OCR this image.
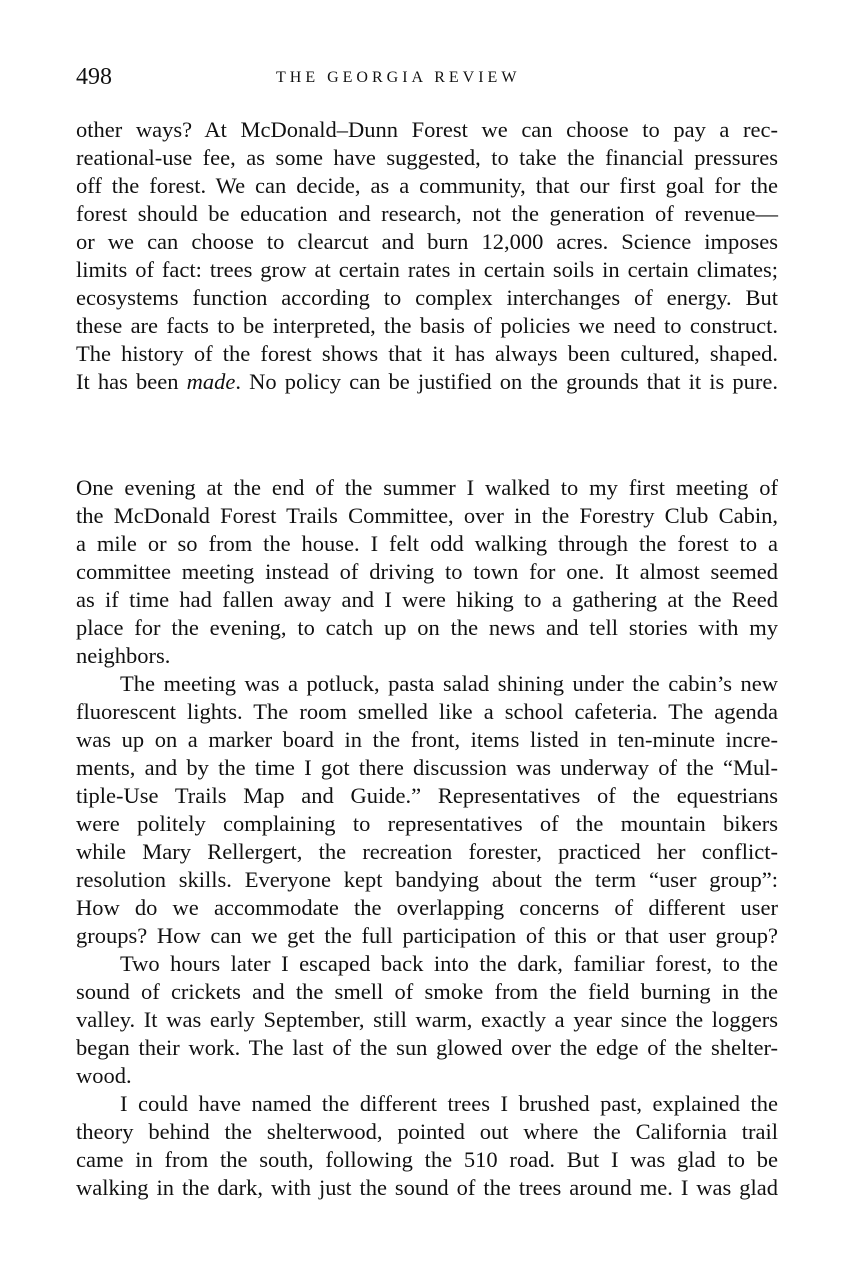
498	THE GEORGIA REVIEW
other ways? At McDonald–Dunn Forest we can choose to pay a rec-
reational-use fee, as some have suggested, to take the financial pressures
off the forest. We can decide, as a community, that our first goal for the
forest should be education and research, not the generation of revenue—
or we can choose to clearcut and burn 12,000 acres. Science imposes
limits of fact: trees grow at certain rates in certain soils in certain climates;
ecosystems function according to complex interchanges of energy. But
these are facts to be interpreted, the basis of policies we need to construct.
The history of the forest shows that it has always been cultured, shaped.
It has been made. No policy can be justified on the grounds that it is pure.
One evening at the end of the summer I walked to my first meeting of
the McDonald Forest Trails Committee, over in the Forestry Club Cabin,
a mile or so from the house. I felt odd walking through the forest to a
committee meeting instead of driving to town for one. It almost seemed
as if time had fallen away and I were hiking to a gathering at the Reed
place for the evening, to catch up on the news and tell stories with my
neighbors.
The meeting was a potluck, pasta salad shining under the cabin’s new
fluorescent lights. The room smelled like a school cafeteria. The agenda
was up on a marker board in the front, items listed in ten-minute incre-
ments, and by the time I got there discussion was underway of the “Mul-
tiple-Use Trails Map and Guide.” Representatives of the equestrians
were politely complaining to representatives of the mountain bikers
while Mary Rellergert, the recreation forester, practiced her conflict-
resolution skills. Everyone kept bandying about the term “user group”:
How do we accommodate the overlapping concerns of different user
groups? How can we get the full participation of this or that user group?
Two hours later I escaped back into the dark, familiar forest, to the
sound of crickets and the smell of smoke from the field burning in the
valley. It was early September, still warm, exactly a year since the loggers
began their work. The last of the sun glowed over the edge of the shelter-
wood.
I could have named the different trees I brushed past, explained the
theory behind the shelterwood, pointed out where the California trail
came in from the south, following the 510 road. But I was glad to be
walking in the dark, with just the sound of the trees around me. I was glad
